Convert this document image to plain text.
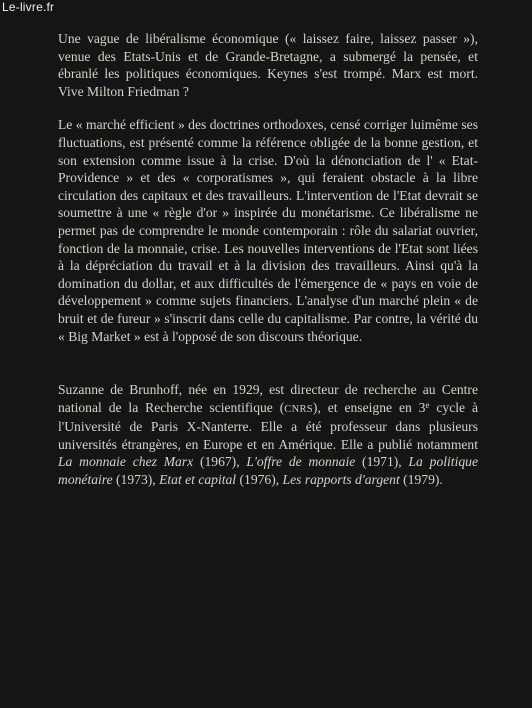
Le-livre.fr

Une vague de libéralisme économique (« laissez faire, laissez passer »), venue des Etats-Unis et de Grande-Bretagne, a submergé la pensée, et ébranlé les politiques économiques. Keynes s'est trompé. Marx est mort. Vive Milton Friedman ?

Le « marché efficient » des doctrines orthodoxes, censé corriger luimême ses fluctuations, est présenté comme la référence obligée de la bonne gestion, et son extension comme issue à la crise. D'où la dénonciation de l' « Etat-Providence » et des « corporatismes », qui feraient obstacle à la libre circulation des capitaux et des travailleurs. L'intervention de l'Etat devrait se soumettre à une « règle d'or » inspirée du monétarisme. Ce libéralisme ne permet pas de comprendre le monde contemporain : rôle du salariat ouvrier, fonction de la monnaie, crise. Les nouvelles interventions de l'Etat sont liées à la dépréciation du travail et à la division des travailleurs. Ainsi qu'à la domination du dollar, et aux difficultés de l'émergence de « pays en voie de développement » comme sujets financiers. L'analyse d'un marché plein « de bruit et de fureur » s'inscrit dans celle du capitalisme. Par contre, la vérité du « Big Market » est à l'opposé de son discours théorique.

Suzanne de Brunhoff, née en 1929, est directeur de recherche au Centre national de la Recherche scientifique (CNRS), et enseigne en 3e cycle à l'Université de Paris X-Nanterre. Elle a été professeur dans plusieurs universités étrangères, en Europe et en Amérique. Elle a publié notamment La monnaie chez Marx (1967), L'offre de monnaie (1971), La politique monétaire (1973), Etat et capital (1976), Les rapports d'argent (1979).
